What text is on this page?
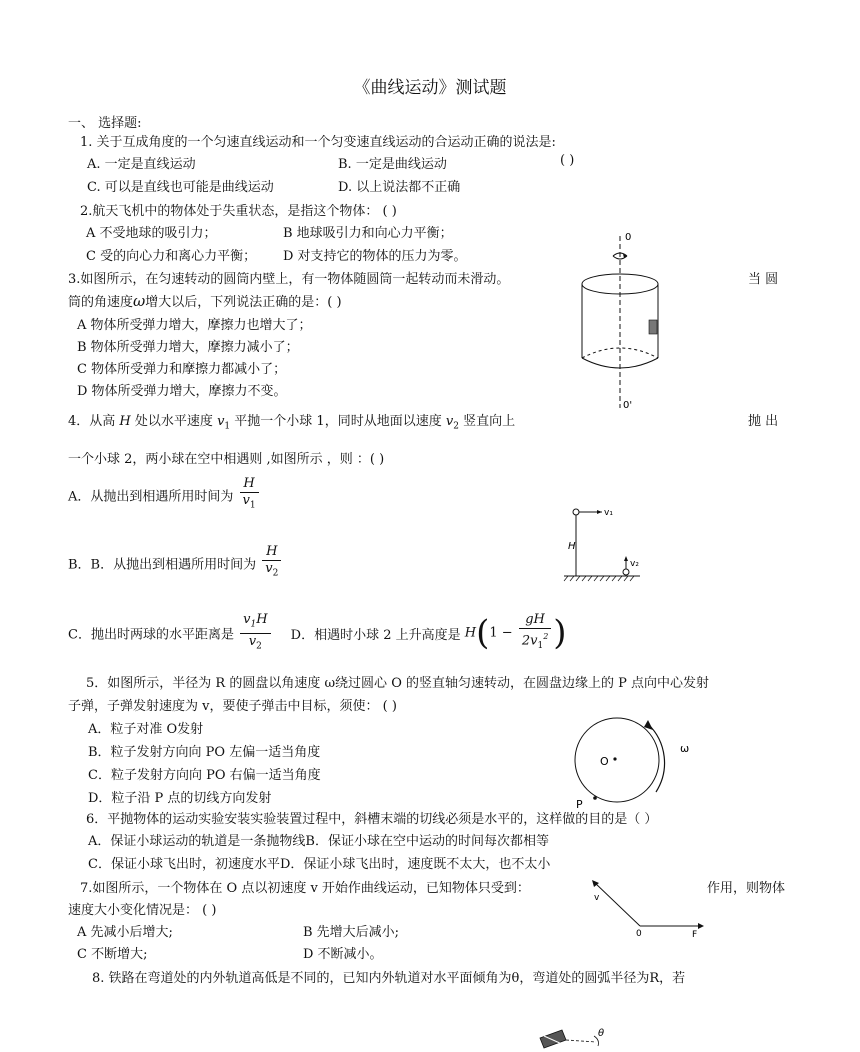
《曲线运动》测试题
一、 选择题:
1. 关于互成角度的一个匀速直线运动和一个匀变速直线运动的合运动正确的说法是:
A. 一定是直线运动	B. 一定是曲线运动	( )
C. 可以是直线也可能是曲线运动	D. 以上说法都不正确
2.航天飞机中的物体处于失重状态，是指这个物体： ( )
A 不受地球的吸引力；	B 地球吸引力和向心力平衡；
C 受的向心力和离心力平衡； D 对支持它的物体的压力为零。
3.如图所示，在匀速转动的圆筒内壁上，有一物体随圆筒一起转动而未滑动。	当 圆
筒的角速度ω增大以后，下列说法正确的是：( )
A 物体所受弹力增大，摩擦力也增大了；
B 物体所受弹力增大，摩擦力减小了；
C 物体所受弹力和摩擦力都减小了；
D 物体所受弹力增大，摩擦力不变。
0
0'
4．从高 H 处以水平速度 $v_1$ 平抛一个小球 1，同时从地面以速度 $v_2$ 竖直向上	抛 出
一个小球 2，两小球在空中相遇则 ,如图所示 ，则 ：( )
A．从抛出到相遇所用时间为 $\frac{H}{v_1}$
B．B．从抛出到相遇所用时间为 $\frac{H}{v_2}$
C．抛出时两球的水平距离是 $\frac{v_1H}{v_2}$ D．相遇时小球 2 上升高度是 $H(1 - \frac{gH}{2v_1^2}$ )
v₁
H
v₂
5．如图所示，半径为 R 的圆盘以角速度 ω绕过圆心 O 的竖直轴匀速转动，在圆盘边缘上的 P 点向中心发射
子弹，子弹发射速度为 v，要使子弹击中目标，须使： ( )
A．粒子对准 O发射
B．粒子发射方向向 PO 左偏一适当角度
C．粒子发射方向向 PO 右偏一适当角度
D．粒子沿 P 点的切线方向发射
O
P
ω
6．平抛物体的运动实验安装实验装置过程中，斜槽末端的切线必须是水平的，这样做的目的是（ ）
A．保证小球运动的轨道是一条抛物线B．保证小球在空中运动的时间每次都相等
C．保证小球飞出时，初速度水平D．保证小球飞出时，速度既不太大，也不太小
7.如图所示，一个物体在 O 点以初速度 v 开始作曲线运动，已知物体只受到：	作用，则物体
速度大小变化情况是： ( )
A 先减小后增大;	B 先增大后减小;
C 不断增大;	D 不断减小。
v
0	F
8. 铁路在弯道处的内外轨道高低是不同的，已知内外轨道对水平面倾角为θ，弯道处的圆弧半径为R，若
θ
